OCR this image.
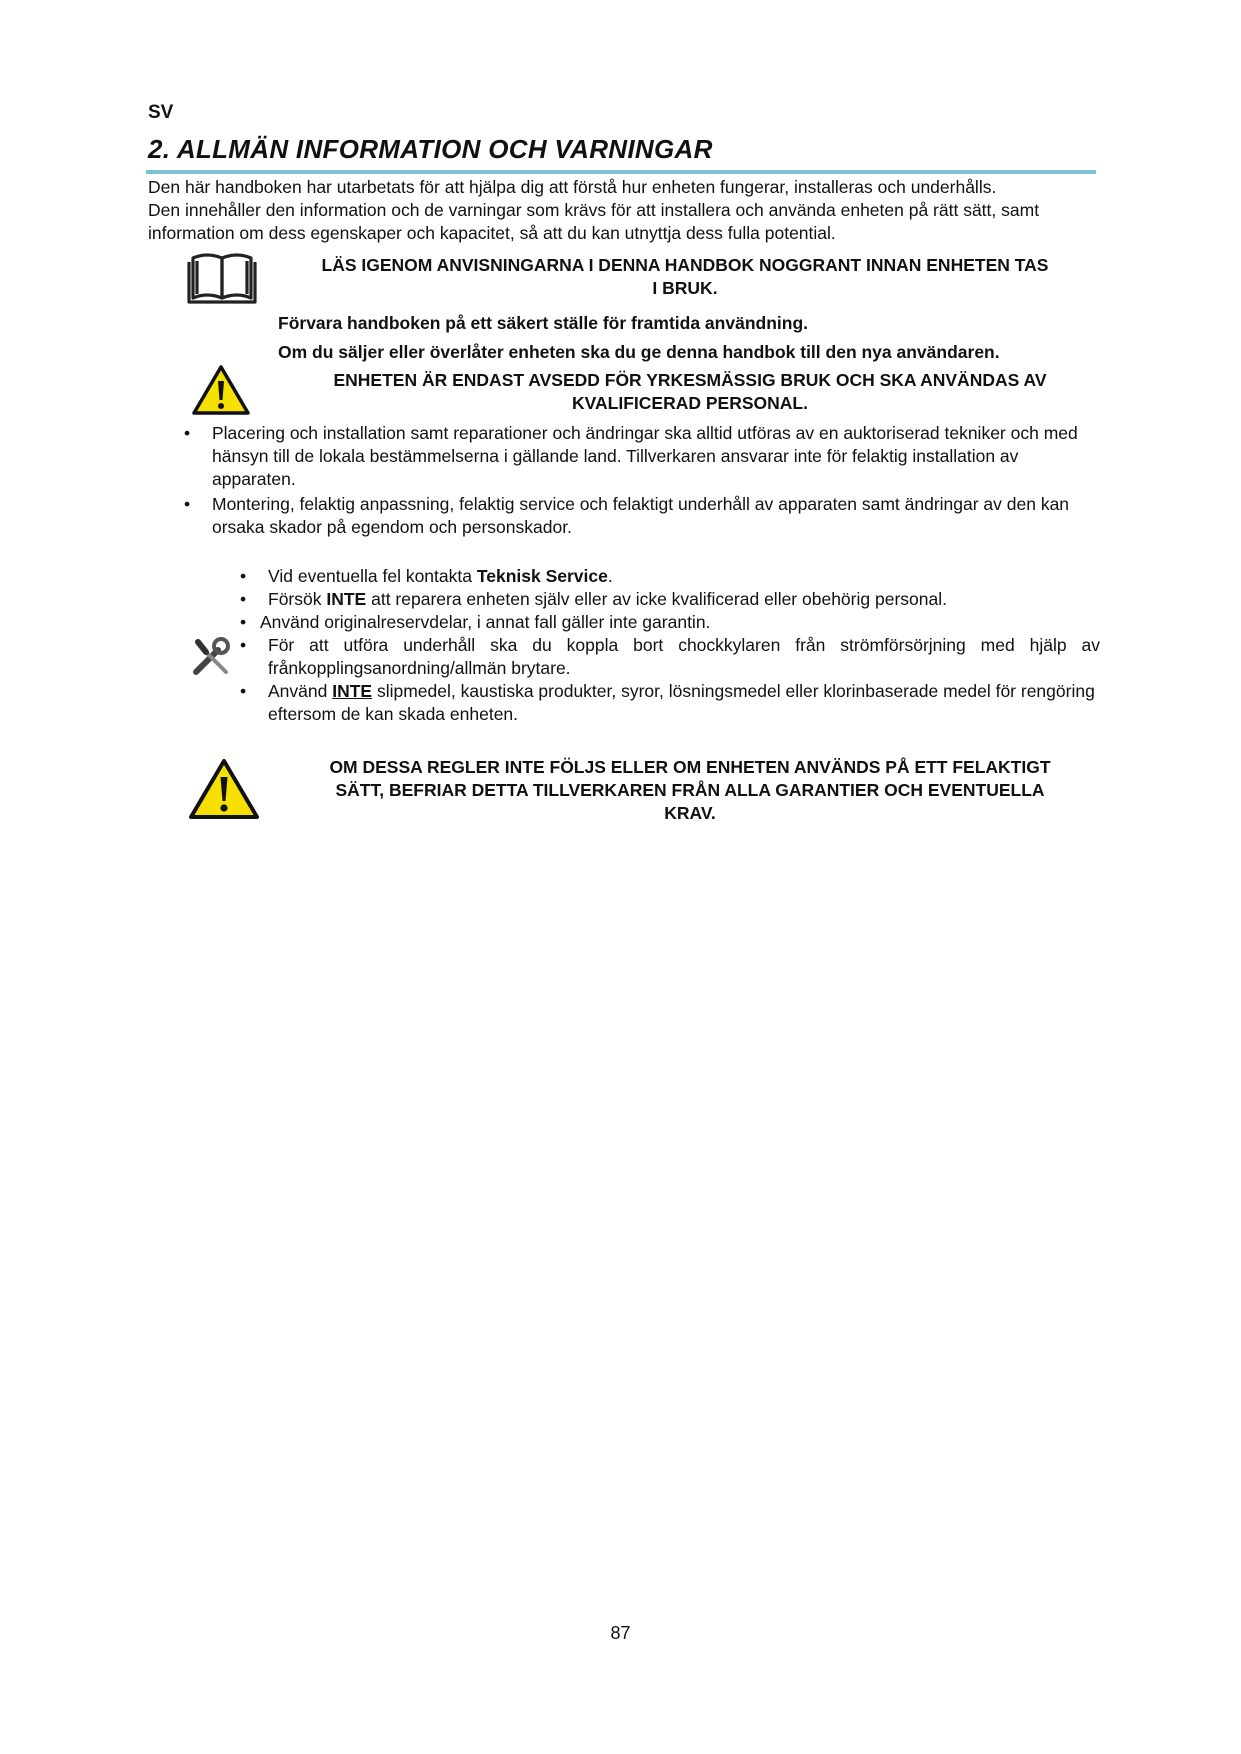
SV
2. ALLMÄN INFORMATION OCH VARNINGAR

Den här handboken har utarbetats för att hjälpa dig att förstå hur enheten fungerar, installeras och underhålls.

Den innehåller den information och de varningar som krävs för att installera och använda enheten på rätt sätt, samt information om dess egenskaper och kapacitet, så att du kan utnyttja dess fulla potential.

LÄS IGENOM ANVISNINGARNA I DENNA HANDBOK NOGGRANT INNAN ENHETEN TAS
I BRUK.
Förvara handboken på ett säkert ställe för framtida användning.
Om du säljer eller överlåter enheten ska du ge denna handbok till den nya användaren.
ENHETEN ÄR ENDAST AVSEDD FÖR YRKESMÄSSIG BRUK OCH SKA ANVÄNDAS AV
KVALIFICERAD PERSONAL.
• Placering och installation samt reparationer och ändringar ska alltid utföras av en auktoriserad tekniker och med hänsyn till de lokala bestämmelserna i gällande land. Tillverkaren ansvarar inte för felaktig installation av apparaten.
• Montering, felaktig anpassning, felaktig service och felaktigt underhåll av apparaten samt ändringar av den kan orsaka skador på egendom och personskador.
• Vid eventuella fel kontakta Teknisk Service.
• Försök INTE att reparera enheten själv eller av icke kvalificerad eller obehörig personal.
• Använd originalreservdelar, i annat fall gäller inte garantin.
• För att utföra underhåll ska du koppla bort chockkylaren från strömförsörjning med hjälp av frånkopplingsanordning/allmän brytare.
• Använd INTE slipmedel, kaustiska produkter, syror, lösningsmedel eller klorinbaserade medel för rengöring eftersom de kan skada enheten.
OM DESSA REGLER INTE FÖLJS ELLER OM ENHETEN ANVÄNDS PÅ ETT FELAKTIGT
SÄTT, BEFRIAR DETTA TILLVERKAREN FRÅN ALLA GARANTIER OCH EVENTUELLA
KRAV.
87
